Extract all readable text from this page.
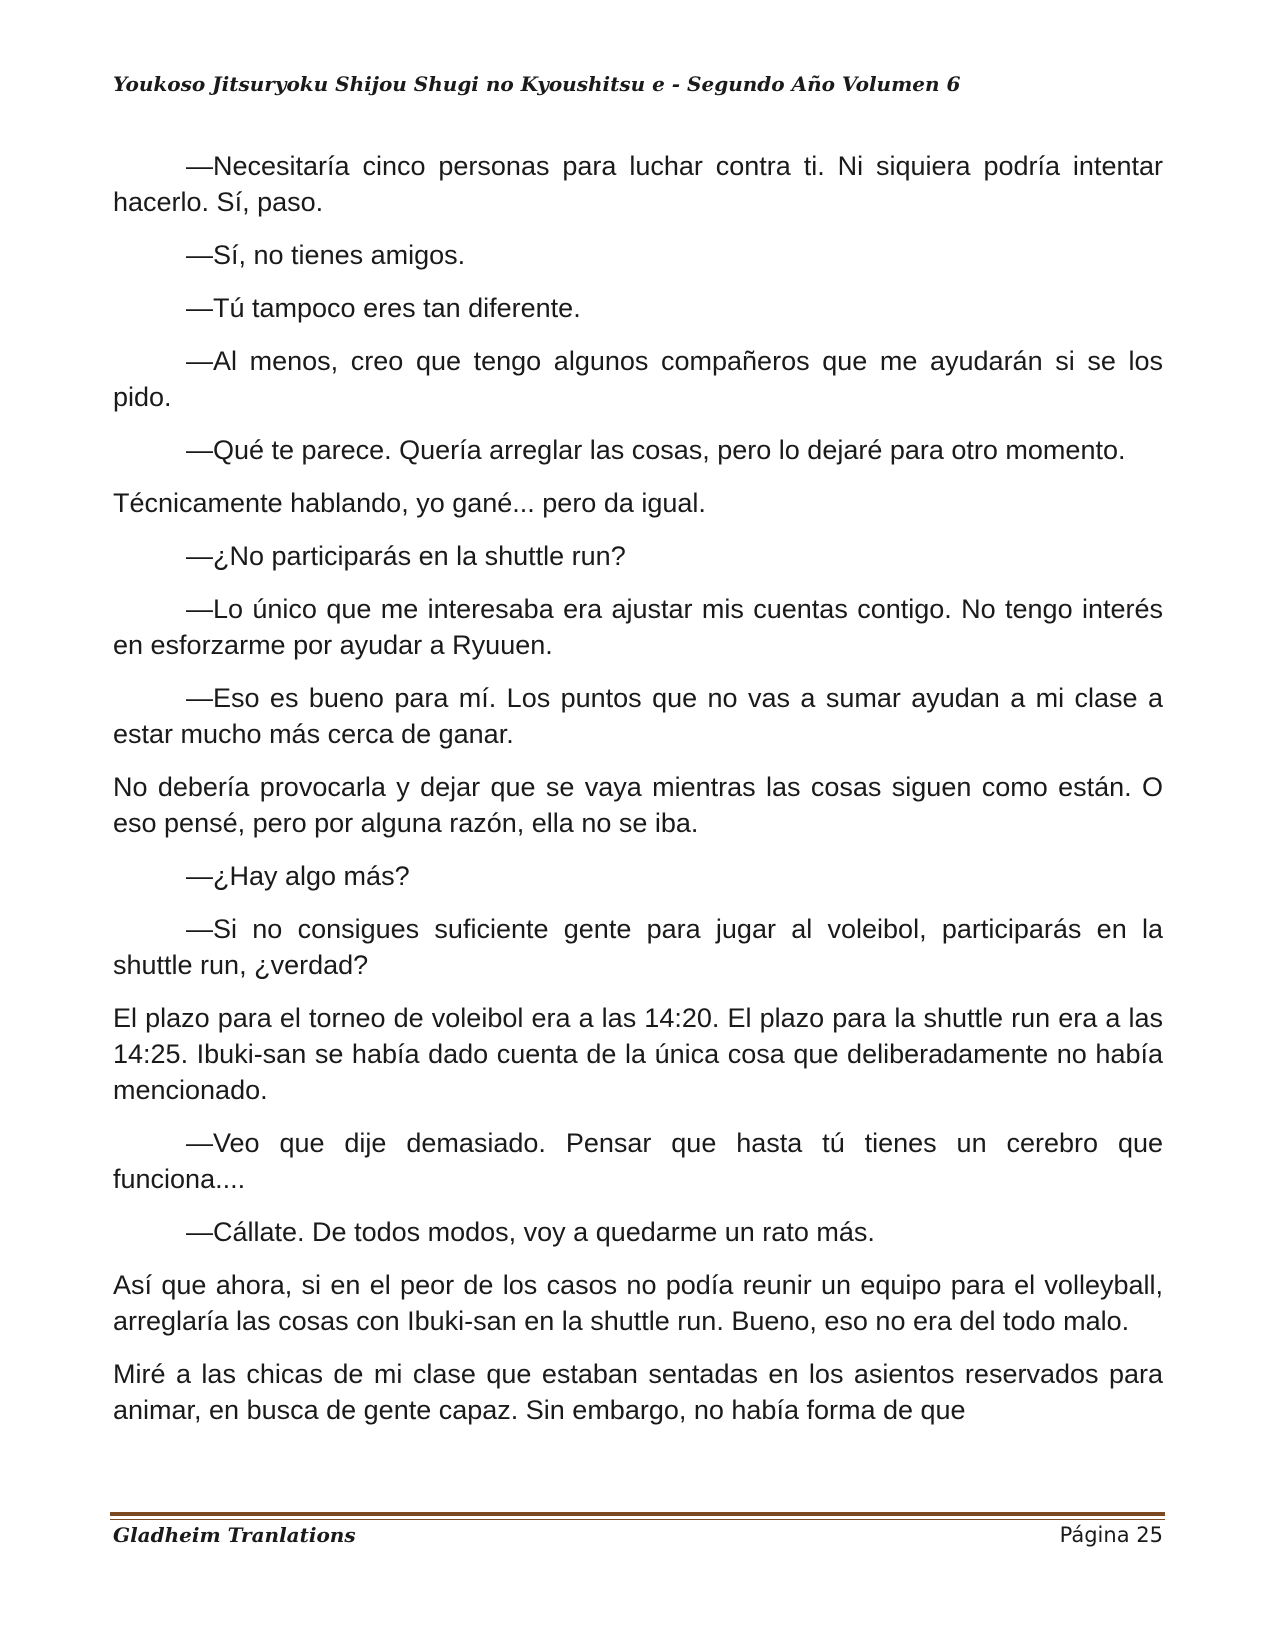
Youkoso Jitsuryoku Shijou Shugi no Kyoushitsu e - Segundo Año Volumen 6

—Necesitaría cinco personas para luchar contra ti. Ni siquiera podría intentar hacerlo. Sí, paso.

—Sí, no tienes amigos.

—Tú tampoco eres tan diferente.

—Al menos, creo que tengo algunos compañeros que me ayudarán si se los pido.

—Qué te parece. Quería arreglar las cosas, pero lo dejaré para otro momento.

Técnicamente hablando, yo gané... pero da igual.

—¿No participarás en la shuttle run?

—Lo único que me interesaba era ajustar mis cuentas contigo. No tengo interés en esforzarme por ayudar a Ryuuen.

—Eso es bueno para mí. Los puntos que no vas a sumar ayudan a mi clase a estar mucho más cerca de ganar.

No debería provocarla y dejar que se vaya mientras las cosas siguen como están. O eso pensé, pero por alguna razón, ella no se iba.

—¿Hay algo más?

—Si no consigues suficiente gente para jugar al voleibol, participarás en la shuttle run, ¿verdad?

El plazo para el torneo de voleibol era a las 14:20. El plazo para la shuttle run era a las 14:25. Ibuki-san se había dado cuenta de la única cosa que deliberadamente no había mencionado.

—Veo que dije demasiado. Pensar que hasta tú tienes un cerebro que funciona....

—Cállate. De todos modos, voy a quedarme un rato más.

Así que ahora, si en el peor de los casos no podía reunir un equipo para el volleyball, arreglaría las cosas con Ibuki-san en la shuttle run. Bueno, eso no era del todo malo.

Miré a las chicas de mi clase que estaban sentadas en los asientos reservados para animar, en busca de gente capaz. Sin embargo, no había forma de que

Gladheim Tranlations	Página 25
